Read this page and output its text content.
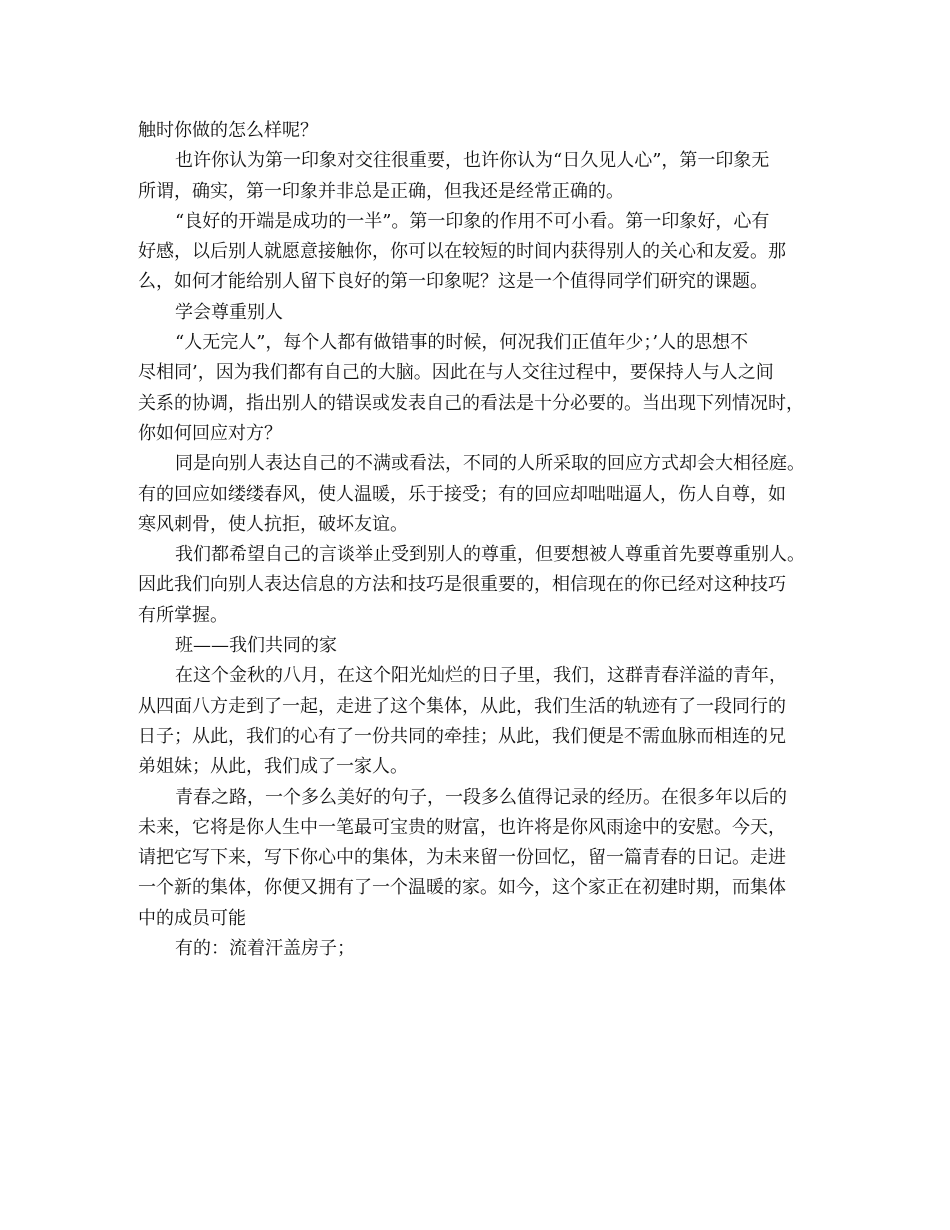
触时你做的怎么样呢？
也许你认为第一印象对交往很重要，也许你认为“日久见人心”，第一印象无
所谓，确实，第一印象并非总是正确，但我还是经常正确的。
“良好的开端是成功的一半”。第一印象的作用不可小看。第一印象好，心有
好感，以后别人就愿意接触你，你可以在较短的时间内获得别人的关心和友爱。那
么，如何才能给别人留下良好的第一印象呢？这是一个值得同学们研究的课题。
学会尊重别人
“人无完人”，每个人都有做错事的时候，何况我们正值年少；’人的思想不
尽相同’，因为我们都有自己的大脑。因此在与人交往过程中，要保持人与人之间
关系的协调，指出别人的错误或发表自己的看法是十分必要的。当出现下列情况时，
你如何回应对方？
同是向别人表达自己的不满或看法，不同的人所采取的回应方式却会大相径庭。
有的回应如缕缕春风，使人温暖，乐于接受；有的回应却咄咄逼人，伤人自尊，如
寒风刺骨，使人抗拒，破坏友谊。
我们都希望自己的言谈举止受到别人的尊重，但要想被人尊重首先要尊重别人。
因此我们向别人表达信息的方法和技巧是很重要的，相信现在的你已经对这种技巧
有所掌握。
班——我们共同的家
在这个金秋的八月，在这个阳光灿烂的日子里，我们，这群青春洋溢的青年，
从四面八方走到了一起，走进了这个集体，从此，我们生活的轨迹有了一段同行的
日子；从此，我们的心有了一份共同的牵挂；从此，我们便是不需血脉而相连的兄
弟姐妹；从此，我们成了一家人。
青春之路，一个多么美好的句子，一段多么值得记录的经历。在很多年以后的
未来，它将是你人生中一笔最可宝贵的财富，也许将是你风雨途中的安慰。今天，
请把它写下来，写下你心中的集体，为未来留一份回忆，留一篇青春的日记。走进
一个新的集体，你便又拥有了一个温暖的家。如今，这个家正在初建时期，而集体
中的成员可能
有的：流着汗盖房子；
